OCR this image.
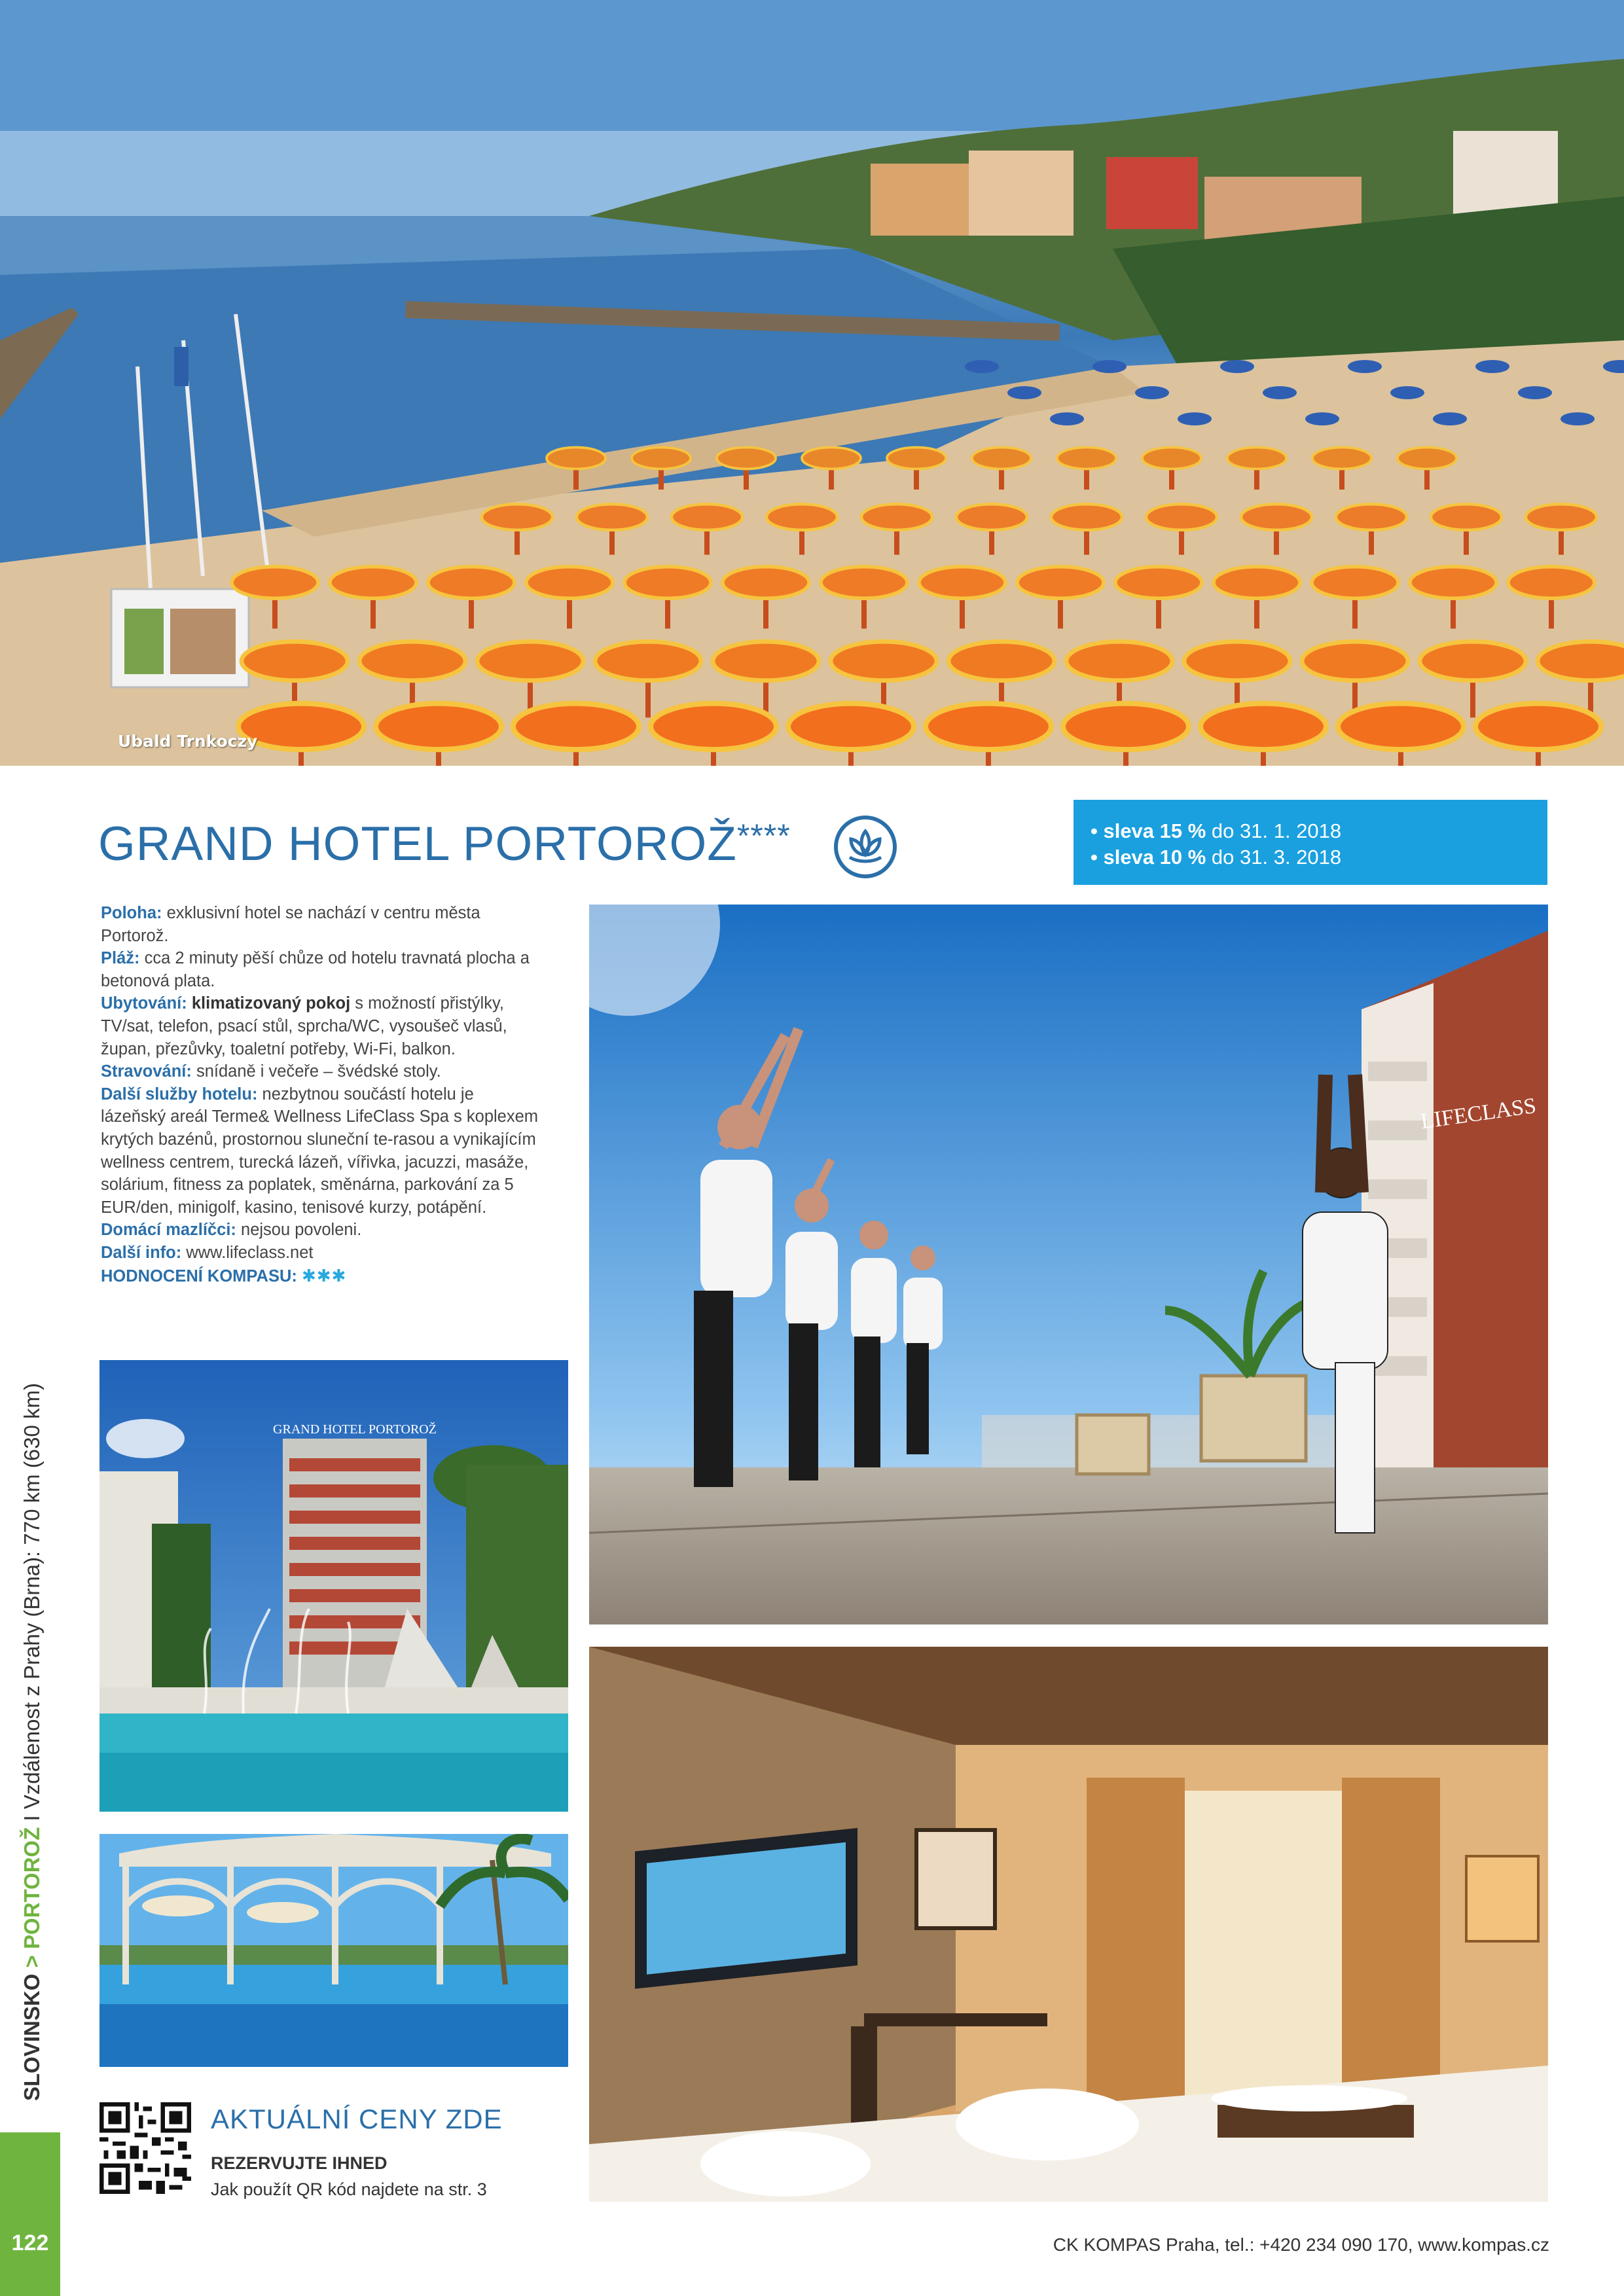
Ubald Trnkoczy
122
SLOVINSKO > PORTOROŽ I Vzdálenost z Prahy (Brna): 770 km (630 km)
GRAND HOTEL PORTOROŽ****	• sleva 15 % do 31. 1. 2018
• sleva 10 % do 31. 3. 2018
Poloha: exklusivní hotel se nachází v centru města Portorož.
Pláž: cca 2 minuty pěší chůze od hotelu travnatá plocha a betonová plata.
Ubytování: klimatizovaný pokoj s možností přistýlky, TV/sat, telefon, psací stůl, sprcha/WC, vysoušeč vlasů, župan, přezůvky, toaletní potřeby, Wi-Fi, balkon.
Stravování: snídaně i večeře – švédské stoly.
Další služby hotelu: nezbytnou součástí hotelu je lázeňský areál Terme& Wellness LifeClass Spa s koplexem krytých bazénů, prostornou sluneční te-rasou a vynikajícím wellness centrem, turecká lázeň, vířivka, jacuzzi, masáže, solárium, fitness za poplatek, směnárna, parkování za 5 EUR/den, minigolf, kasino, tenisové kurzy, potápění.
Domácí mazlíčci: nejsou povoleni.
Další info: www.lifeclass.net
HODNOCENÍ KOMPASU: ✱✱✱
GRAND HOTEL PORTOROŽ
LIFECLASS
AKTUÁLNÍ CENY ZDE
REZERVUJTE IHNED
Jak použít QR kód najdete na str. 3
CK KOMPAS Praha, tel.: +420 234 090 170, www.kompas.cz
